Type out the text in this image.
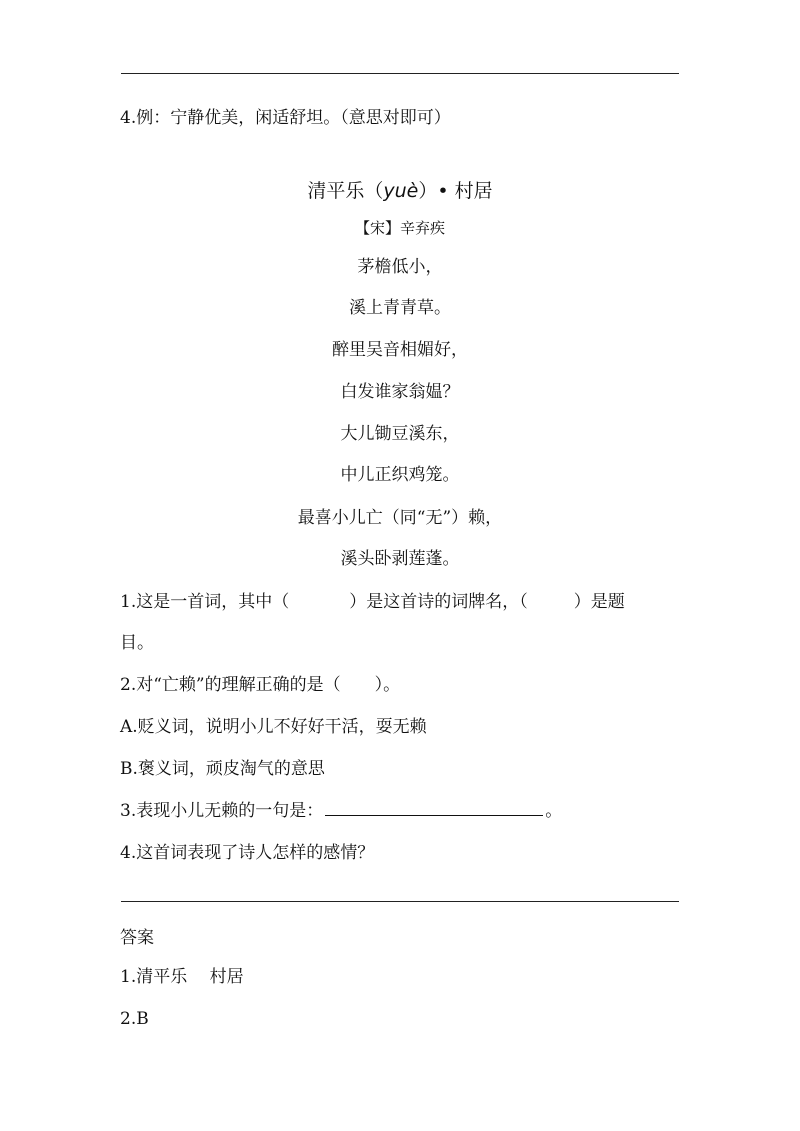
4.例：宁静优美，闲适舒坦。（意思对即可）
清平乐（yuè）• 村居
【宋】辛弃疾
茅檐低小，
溪上青青草。
醉里吴音相媚好，
白发谁家翁媪？
大儿锄豆溪东，
中儿正织鸡笼。
最喜小儿亡（同“无”）赖，
溪头卧剥莲蓬。
1.这是一首词，其中（	）是这首诗的词牌名，（	）是题
目。
2.对“亡赖”的理解正确的是（　　）。
A.贬义词，说明小儿不好好干活，耍无赖
B.褒义词，顽皮淘气的意思
3.表现小儿无赖的一句是：	。
4.这首词表现了诗人怎样的感情？
答案
1.清平乐　 村居
2.B
